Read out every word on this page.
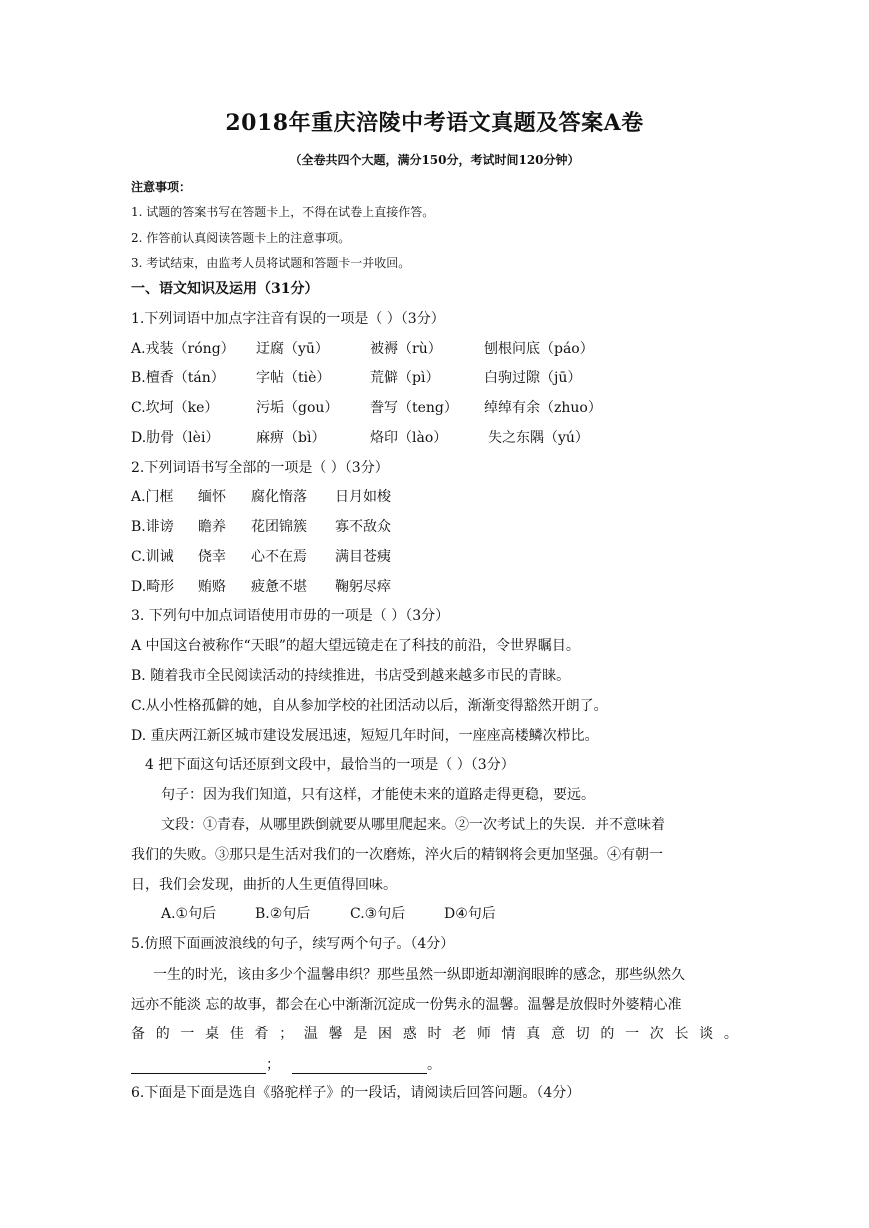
2018年重庆涪陵中考语文真题及答案A卷
（全卷共四个大题，满分150分，考试时间120分钟）
注意事项：
1. 试题的答案书写在答题卡上，不得在试卷上直接作答。
2. 作答前认真阅读答题卡上的注意事项。
3. 考试结束，由监考人员将试题和答题卡一并收回。
一、语文知识及运用（31分）
1.下列词语中加点字注音有误的一项是（ ）（3分）
A.戎装（róng） 迂腐（yū）	被褥（rù）	刨根问底（páo）
B.檀香（tán） 字帖（tiè）	荒僻（pì）	白驹过隙（jū）
C.坎坷（ke）	污垢（gou） 誊写（teng） 绰绰有余（zhuo）
D.肋骨（lèi）	麻痹（bì）	烙印（lào）	失之东隅（yú）
2.下列词语书写全部的一项是（ ）（3分）
A.门框 缅怀 腐化惰落 日月如梭
B.诽谤 瞻养 花团锦簇 寡不敌众
C.训诫 侥幸 心不在焉 满目苍痍
D.畸形 贿赂 疲惫不堪 鞠躬尽瘁
3. 下列句中加点词语使用市毋的一项是（ ）（3分）
A 中国这台被称作“天眼”的超大望远镜走在了科技的前沿，令世界瞩目。
B. 随着我市全民阅读活动的持续推进，书店受到越来越多市民的青睐。
C.从小性格孤僻的她，自从参加学校的社团活动以后，渐渐变得豁然开朗了。
D. 重庆两江新区城市建设发展迅速，短短几年时间，一座座高楼鳞次栉比。
4 把下面这句话还原到文段中，最恰当的一项是（ ）（3分）
句子：因为我们知道，只有这样，才能使未来的道路走得更稳，要远。
文段：①青春，从哪里跌倒就要从哪里爬起来。②一次考试上的失误．并不意味着
我们的失败。③那只是生活对我们的一次磨炼，淬火后的精钢将会更加坚强。④有朝一
日，我们会发现，曲折的人生更值得回味。
A.①句后	B.②句后	C.③句后	D④句后
5.仿照下面画波浪线的句子，续写两个句子。（4分）
一生的时光，该由多少个温馨串织？那些虽然一纵即逝却潮润眼眸的感念，那些纵然久
远亦不能淡 忘的故事，都会在心中渐渐沉淀成一份隽永的温馨。温馨是放假时外婆精心准
备 的 一 桌 佳 肴 ； 温 馨 是 困 惑 时 老 师 情 真 意 切 的 一 次 长 谈 。
；	。
6.下面是下面是选自《骆驼样子》的一段话，请阅读后回答问题。（4分）
